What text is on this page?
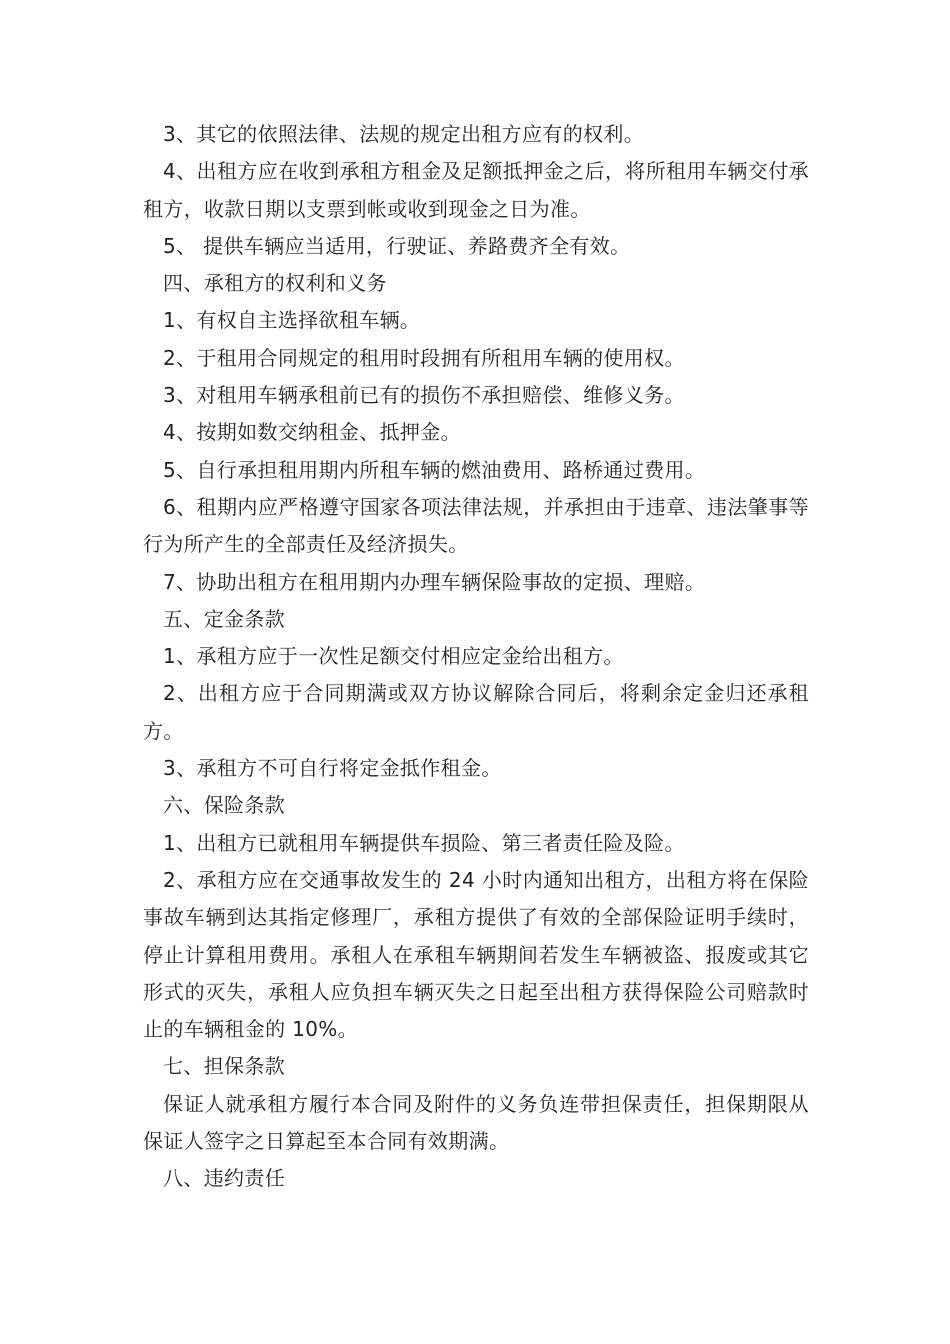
3、其它的依照法律、法规的规定出租方应有的权利。

4、出租方应在收到承租方租金及足额抵押金之后，将所租用车辆交付承租方，收款日期以支票到帐或收到现金之日为准。

5、 提供车辆应当适用，行驶证、养路费齐全有效。

四、承租方的权利和义务

1、有权自主选择欲租车辆。

2、于租用合同规定的租用时段拥有所租用车辆的使用权。

3、对租用车辆承租前已有的损伤不承担赔偿、维修义务。

4、按期如数交纳租金、抵押金。

5、自行承担租用期内所租车辆的燃油费用、路桥通过费用。

6、租期内应严格遵守国家各项法律法规，并承担由于违章、违法肇事等行为所产生的全部责任及经济损失。

7、协助出租方在租用期内办理车辆保险事故的定损、理赔。

五、定金条款

1、承租方应于一次性足额交付相应定金给出租方。

2、出租方应于合同期满或双方协议解除合同后，将剩余定金归还承租方。

3、承租方不可自行将定金抵作租金。

六、保险条款

1、出租方已就租用车辆提供车损险、第三者责任险及险。

2、承租方应在交通事故发生的 24 小时内通知出租方，出租方将在保险事故车辆到达其指定修理厂，承租方提供了有效的全部保险证明手续时，停止计算租用费用。承租人在承租车辆期间若发生车辆被盗、报废或其它形式的灭失，承租人应负担车辆灭失之日起至出租方获得保险公司赔款时止的车辆租金的 10%。

七、担保条款

保证人就承租方履行本合同及附件的义务负连带担保责任，担保期限从保证人签字之日算起至本合同有效期满。

八、违约责任
